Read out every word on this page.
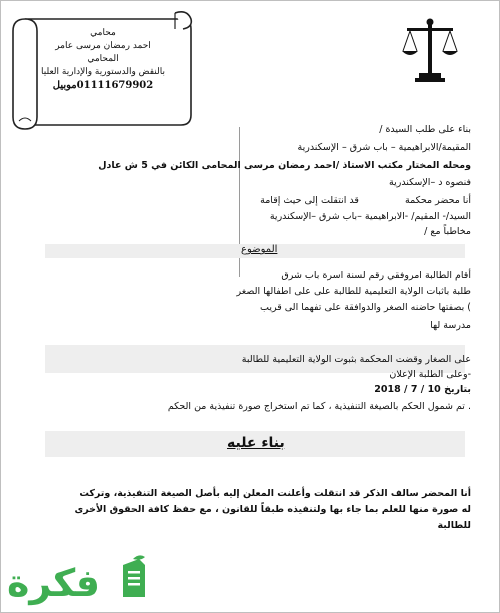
محامي
احمد رمضان مرسى عامر
المحامي
بالنقض والدستورية والإدارية العليا
01111679902موبيل
بناء على طلب السيدة /
المقيمة/الابراهيمية – باب شرق – الإسكندرية
ومحله المختار مكتب الاستاذ /احمد رمضان مرسى المحامى الكائن في 5 ش عادل
فنصوه د –الإسكندرية
أنا محضر محكمة  قد انتقلت إلى حيث إقامة
السيد/- المقيم/ -الابراهيمية –باب شرق –الإسكندرية
مخاطباً مع /
الموضوع
أقام الطالبة امروفقي رقم لسنة اسرة باب شرق
طلبة باثبات الولاية التعليمية للطالبة على على اطفالها الصغر
) بصفتها حاضنه الصغر والدوافقة على تفهما الى قريب
مدرسة لها
على الصغار وقضت المحكمة بثبوت الولاية التعليمية للطالبة
-وعلى الطلبة الإعلان
بتاريخ 10 / 7 / 2018
. تم شمول الحكم بالصيغة التنفيذية ، كما تم استخراج صورة تنفيذية من الحكم
بناء عليه
أنا المحضر سالف الذكر قد انتقلت وأعلنت المعلن إليه بأصل الصيغة التنفيذية، وتركت
له صورة منها للعلم بما جاء بها ولتنفيذه طبقاً للقانون ، مع حفظ كافة الحقوق الأخرى
للطالبة
فكرة
